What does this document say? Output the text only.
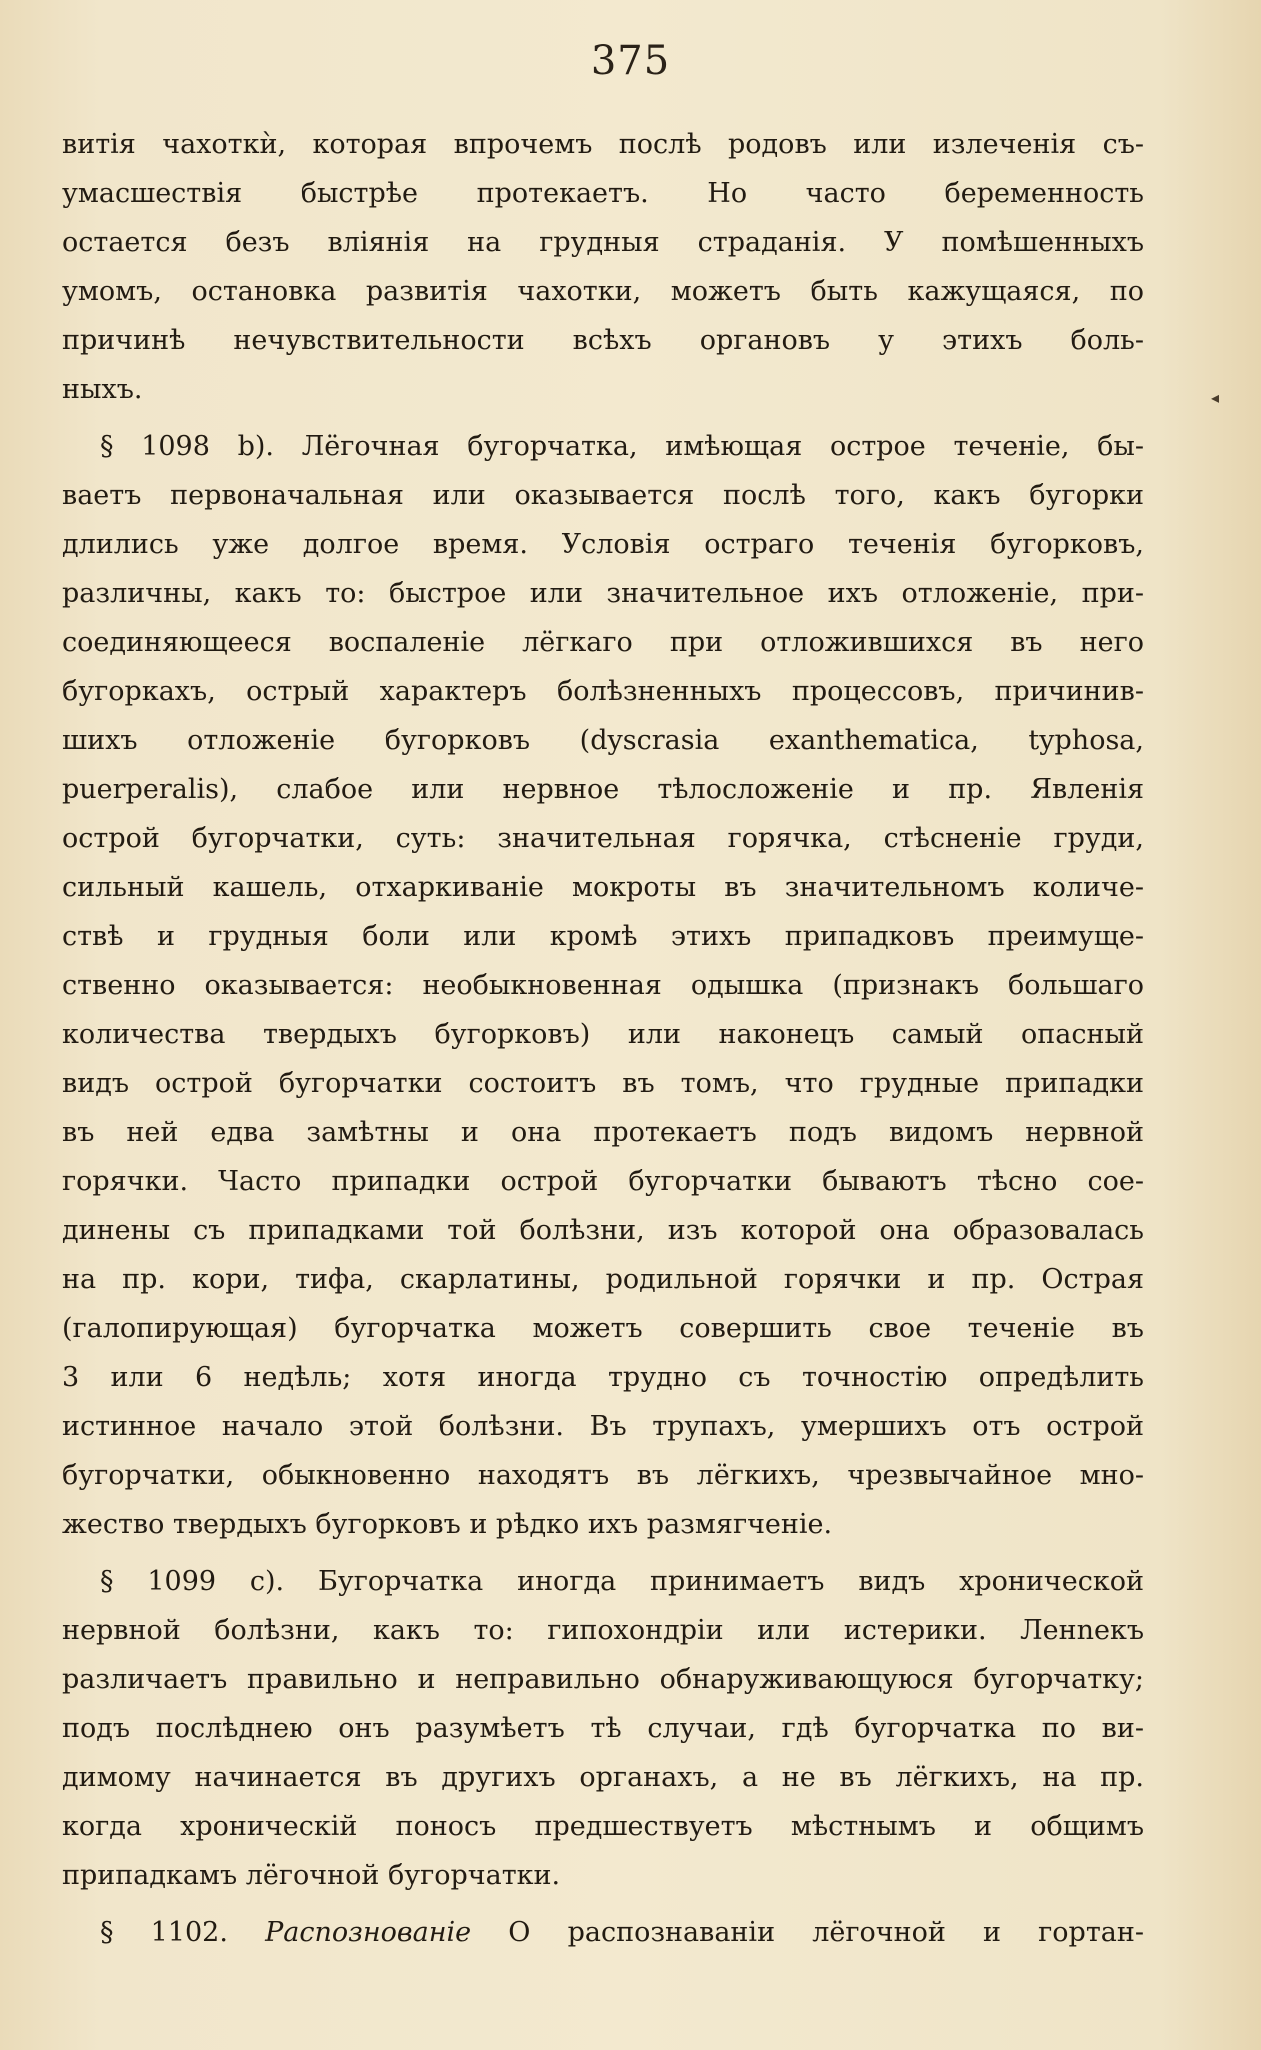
375
◂
витія чахоткѝ, которая впрочемъ послѣ родовъ или излеченія съ-
умасшествія быстрѣе протекаетъ. Но часто беременность
остается безъ вліянія на грудныя страданія. У помѣшенныхъ
умомъ, остановка развитія чахотки, можетъ быть кажущаяся, по
причинѣ нечувствительности всѣхъ органовъ у этихъ боль-
ныхъ.
§ 1098 b). Лёгочная бугорчатка, имѣющая острое теченіе, бы-
ваетъ первоначальная или оказывается послѣ того, какъ бугорки
длились уже долгое время. Условія остраго теченія бугорковъ,
различны, какъ то: быстрое или значительное ихъ отложеніе, при-
соединяющееся воспаленіе лёгкаго при отложившихся въ него
бугоркахъ, острый характеръ болѣзненныхъ процессовъ, причинив-
шихъ отложеніе бугорковъ (dyscrasia exanthematica, typhosa,
puerperalis), слабое или нервное тѣлосложеніе и пр. Явленія
острой бугорчатки, суть: значительная горячка, стѣсненіе груди,
сильный кашель, отхаркиваніе мокроты въ значительномъ количе-
ствѣ и грудныя боли или кромѣ этихъ припадковъ преимуще-
ственно оказывается: необыкновенная одышка (признакъ большаго
количества твердыхъ бугорковъ) или наконецъ самый опасный
видъ острой бугорчатки состоитъ въ томъ, что грудные припадки
въ ней едва замѣтны и она протекаетъ подъ видомъ нервной
горячки. Часто припадки острой бугорчатки бываютъ тѣсно сое-
динены съ припадками той болѣзни, изъ которой она образовалась
на пр. кори, тифа, скарлатины, родильной горячки и пр. Острая
(галопирующая) бугорчатка можетъ совершить свое теченіе въ
3 или 6 недѣль; хотя иногда трудно съ точностію опредѣлить
истинное начало этой болѣзни. Въ трупахъ, умершихъ отъ острой
бугорчатки, обыкновенно находятъ въ лёгкихъ, чрезвычайное мно-
жество твердыхъ бугорковъ и рѣдко ихъ размягченіе.
§ 1099 c). Бугорчатка иногда принимаетъ видъ хронической
нервной болѣзни, какъ то: гипохондріи или истерики. Ленnекъ
различаетъ правильно и неправильно обнаруживающуюся бугорчатку;
подъ послѣднею онъ разумѣетъ тѣ случаи, гдѣ бугорчатка по ви-
димому начинается въ другихъ органахъ, а не въ лёгкихъ, на пр.
когда хроническій поносъ предшествуетъ мѣстнымъ и общимъ
припадкамъ лёгочной бугорчатки.
§ 1102. Распознованіе О распознаваніи лёгочной и гортан-
